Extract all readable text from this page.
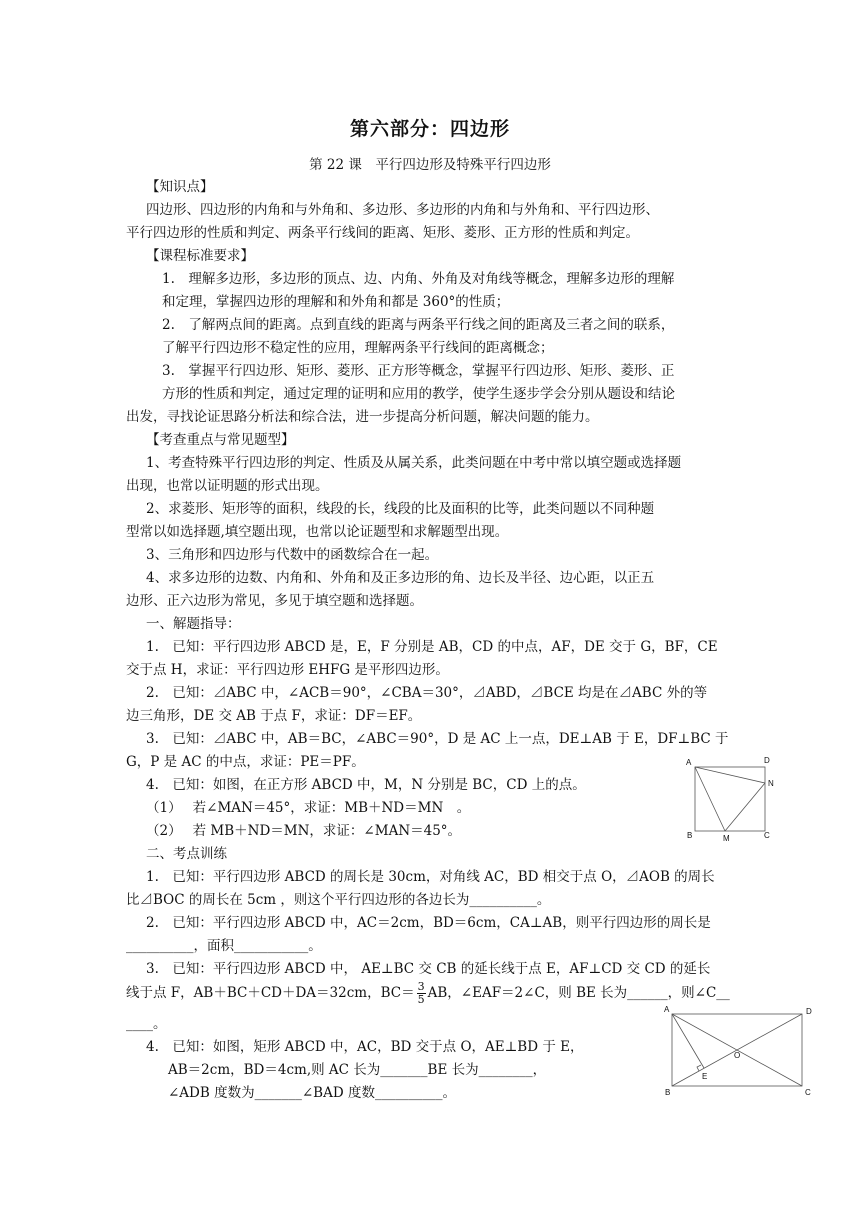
第六部分：四边形
第 22 课　平行四边形及特殊平行四边形
【知识点】
四边形、四边形的内角和与外角和、多边形、多边形的内角和与外角和、平行四边形、
平行四边形的性质和判定、两条平行线间的距离、矩形、菱形、正方形的性质和判定。
【课程标准要求】
1.　理解多边形，多边形的顶点、边、内角、外角及对角线等概念，理解多边形的理解
和定理，掌握四边形的理解和和外角和都是 360°的性质；
2.　了解两点间的距离。点到直线的距离与两条平行线之间的距离及三者之间的联系，
了解平行四边形不稳定性的应用，理解两条平行线间的距离概念；
3.　掌握平行四边形、矩形、菱形、正方形等概念，掌握平行四边形、矩形、菱形、正
方形的性质和判定，通过定理的证明和应用的教学，使学生逐步学会分别从题设和结论
出发，寻找论证思路分析法和综合法，进一步提高分析问题，解决问题的能力。
【考查重点与常见题型】
1、考查特殊平行四边形的判定、性质及从属关系，此类问题在中考中常以填空题或选择题
出现，也常以证明题的形式出现。
2、求菱形、矩形等的面积，线段的长，线段的比及面积的比等，此类问题以不同种题
型常以如选择题,填空题出现，也常以论证题型和求解题型出现。
3、三角形和四边形与代数中的函数综合在一起。
4、求多边形的边数、内角和、外角和及正多边形的角、边长及半径、边心距，以正五
边形、正六边形为常见，多见于填空题和选择题。
一、解题指导：
1.　已知：平行四边形 ABCD 是，E，F 分别是 AB，CD 的中点，AF，DE 交于 G，BF，CE
交于点 H，求证：平行四边形 EHFG 是平形四边形。
2.　已知：⊿ABC 中，∠ACB＝90°，∠CBA＝30°，⊿ABD，⊿BCE 均是在⊿ABC 外的等
边三角形，DE 交 AB 于点 F，求证：DF＝EF。
3.　已知：⊿ABC 中，AB＝BC，∠ABC＝90°，D 是 AC 上一点，DE⊥AB 于 E，DF⊥BC 于
G，P 是 AC 的中点，求证：PE＝PF。
4.　已知：如图，在正方形 ABCD 中，M，N 分别是 BC，CD 上的点。
（1）　 若∠MAN＝45°，求证：MB＋ND＝MN　。
（2）　 若 MB＋ND＝MN，求证：∠MAN＝45°。
二、考点训练
1.　已知：平行四边形 ABCD 的周长是 30cm，对角线 AC，BD 相交于点 O，⊿AOB 的周长
比⊿BOC 的周长在 5cm ，则这个平行四边形的各边长为__________。
2.　已知：平行四边形 ABCD 中，AC＝2cm，BD＝6cm，CA⊥AB，则平行四边形的周长是
__________，面积___________。
3.　已知：平行四边形 ABCD 中， AE⊥BC 交 CB 的延长线于点 E，AF⊥CD 交 CD 的延长
线于点 F，AB＋BC＋CD＋DA＝32cm，$BC= \frac{3}{5}$ AB，∠EAF＝2∠C，则 BE 长为______，则∠C__
____。
4.　已知：如图，矩形 ABCD 中，AC，BD 交于点 O，AE⊥BD 于 E，
AB＝2cm，BD＝4cm,则 AC 长为_______BE 长为________，
∠ADB 度数为_______∠BAD 度数__________。
A	D
N
B	M	C
A	D
O
E
B	C
